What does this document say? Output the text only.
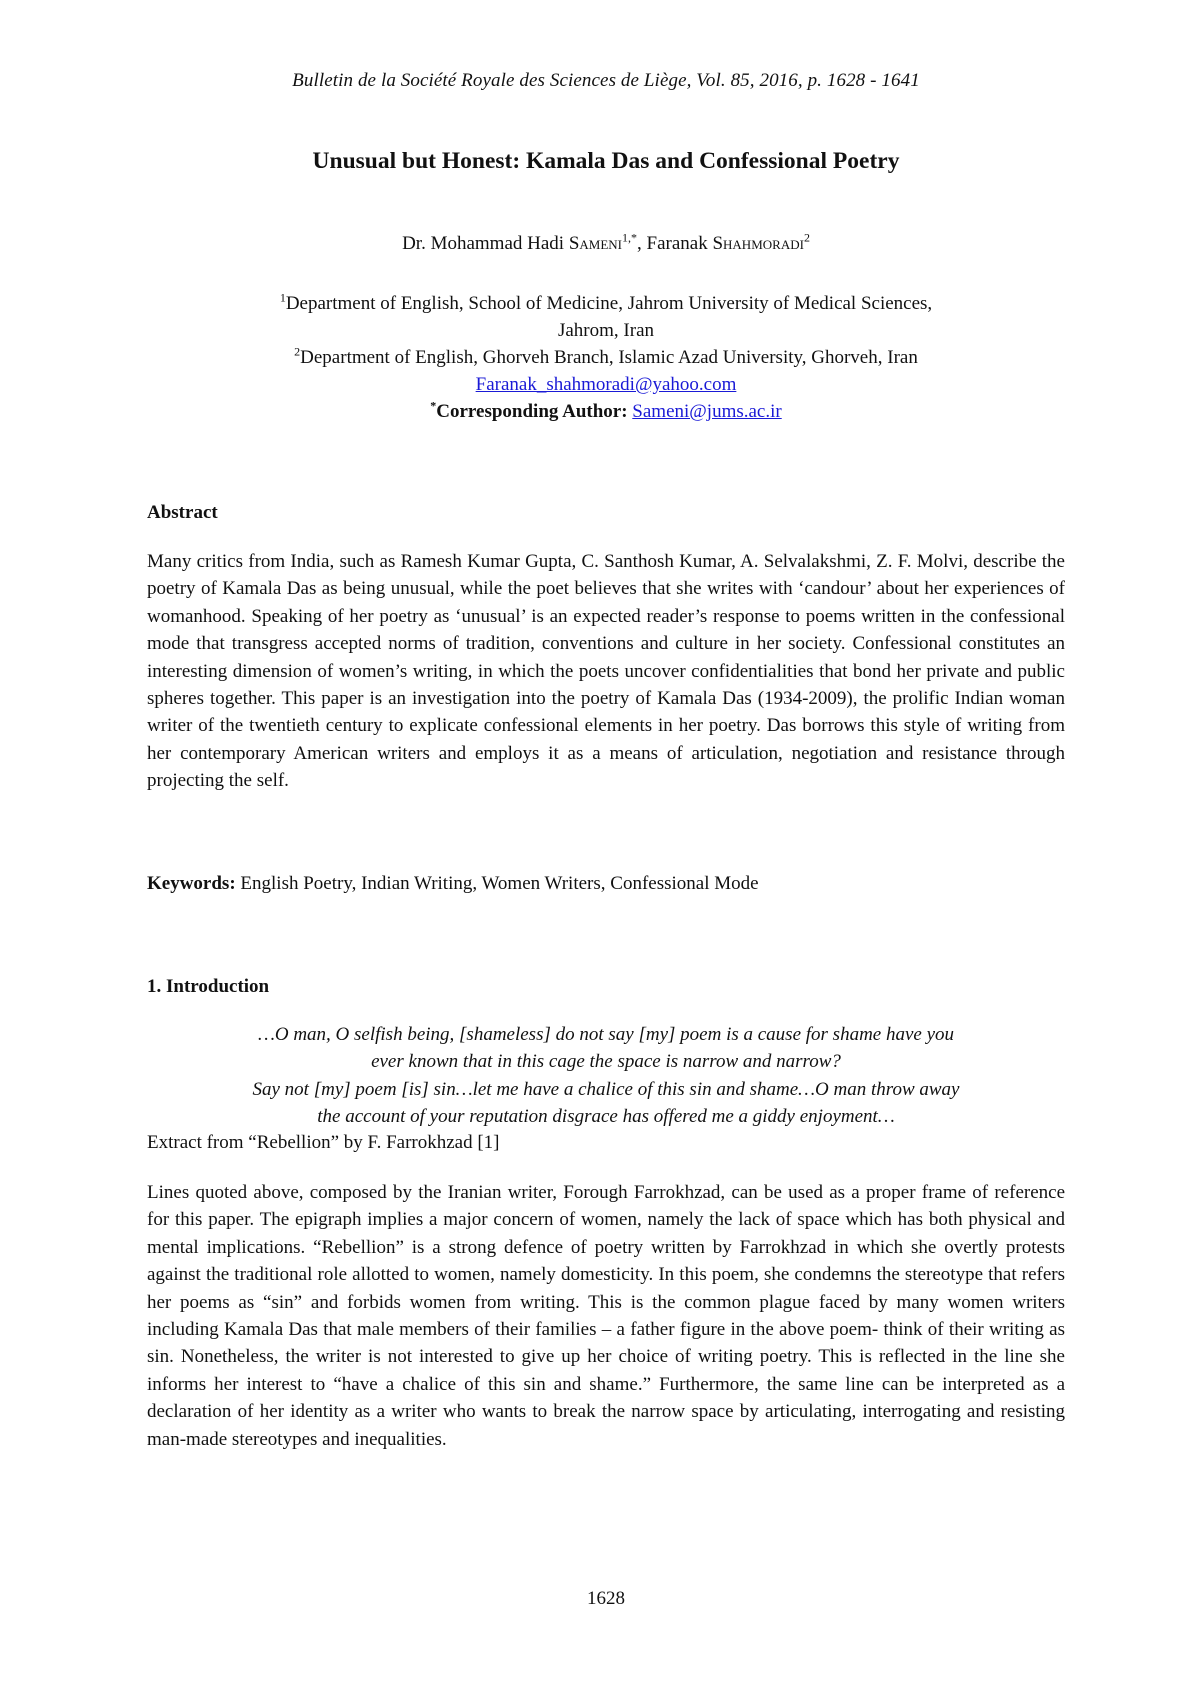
Bulletin de la Société Royale des Sciences de Liège, Vol. 85, 2016, p. 1628 - 1641
Unusual but Honest: Kamala Das and Confessional Poetry
Dr. Mohammad Hadi Sameni$^{1,*}$, Faranak Shahmoradi$^2$
$^1$Department of English, School of Medicine, Jahrom University of Medical Sciences,
Jahrom, Iran
$^2$Department of English, Ghorveh Branch, Islamic Azad University, Ghorveh, Iran
Faranak_shahmoradi@yahoo.com
*Corresponding Author: Sameni@jums.ac.ir
Abstract
Many critics from India, such as Ramesh Kumar Gupta, C. Santhosh Kumar, A. Selvalakshmi, Z. F. Molvi, describe the poetry of Kamala Das as being unusual, while the poet believes that she writes with ‘candour’ about her experiences of womanhood. Speaking of her poetry as ‘unusual’ is an expected reader’s response to poems written in the confessional mode that transgress accepted norms of tradition, conventions and culture in her society. Confessional constitutes an interesting dimension of women’s writing, in which the poets uncover confidentialities that bond her private and public spheres together. This paper is an investigation into the poetry of Kamala Das (1934-2009), the prolific Indian woman writer of the twentieth century to explicate confessional elements in her poetry. Das borrows this style of writing from her contemporary American writers and employs it as a means of articulation, negotiation and resistance through projecting the self.
Keywords: English Poetry, Indian Writing, Women Writers, Confessional Mode
1. Introduction
…O man, O selfish being, [shameless] do not say [my] poem is a cause for shame have you
ever known that in this cage the space is narrow and narrow?
Say not [my] poem [is] sin…let me have a chalice of this sin and shame…O man throw away
the account of your reputation disgrace has offered me a giddy enjoyment…
Extract from “Rebellion” by F. Farrokhzad [1]
Lines quoted above, composed by the Iranian writer, Forough Farrokhzad, can be used as a proper frame of reference for this paper. The epigraph implies a major concern of women, namely the lack of space which has both physical and mental implications. “Rebellion” is a strong defence of poetry written by Farrokhzad in which she overtly protests against the traditional role allotted to women, namely domesticity. In this poem, she condemns the stereotype that refers her poems as “sin” and forbids women from writing. This is the common plague faced by many women writers including Kamala Das that male members of their families – a father figure in the above poem- think of their writing as sin. Nonetheless, the writer is not interested to give up her choice of writing poetry. This is reflected in the line she informs her interest to “have a chalice of this sin and shame.” Furthermore, the same line can be interpreted as a declaration of her identity as a writer who wants to break the narrow space by articulating, interrogating and resisting man-made stereotypes and inequalities.
1628
